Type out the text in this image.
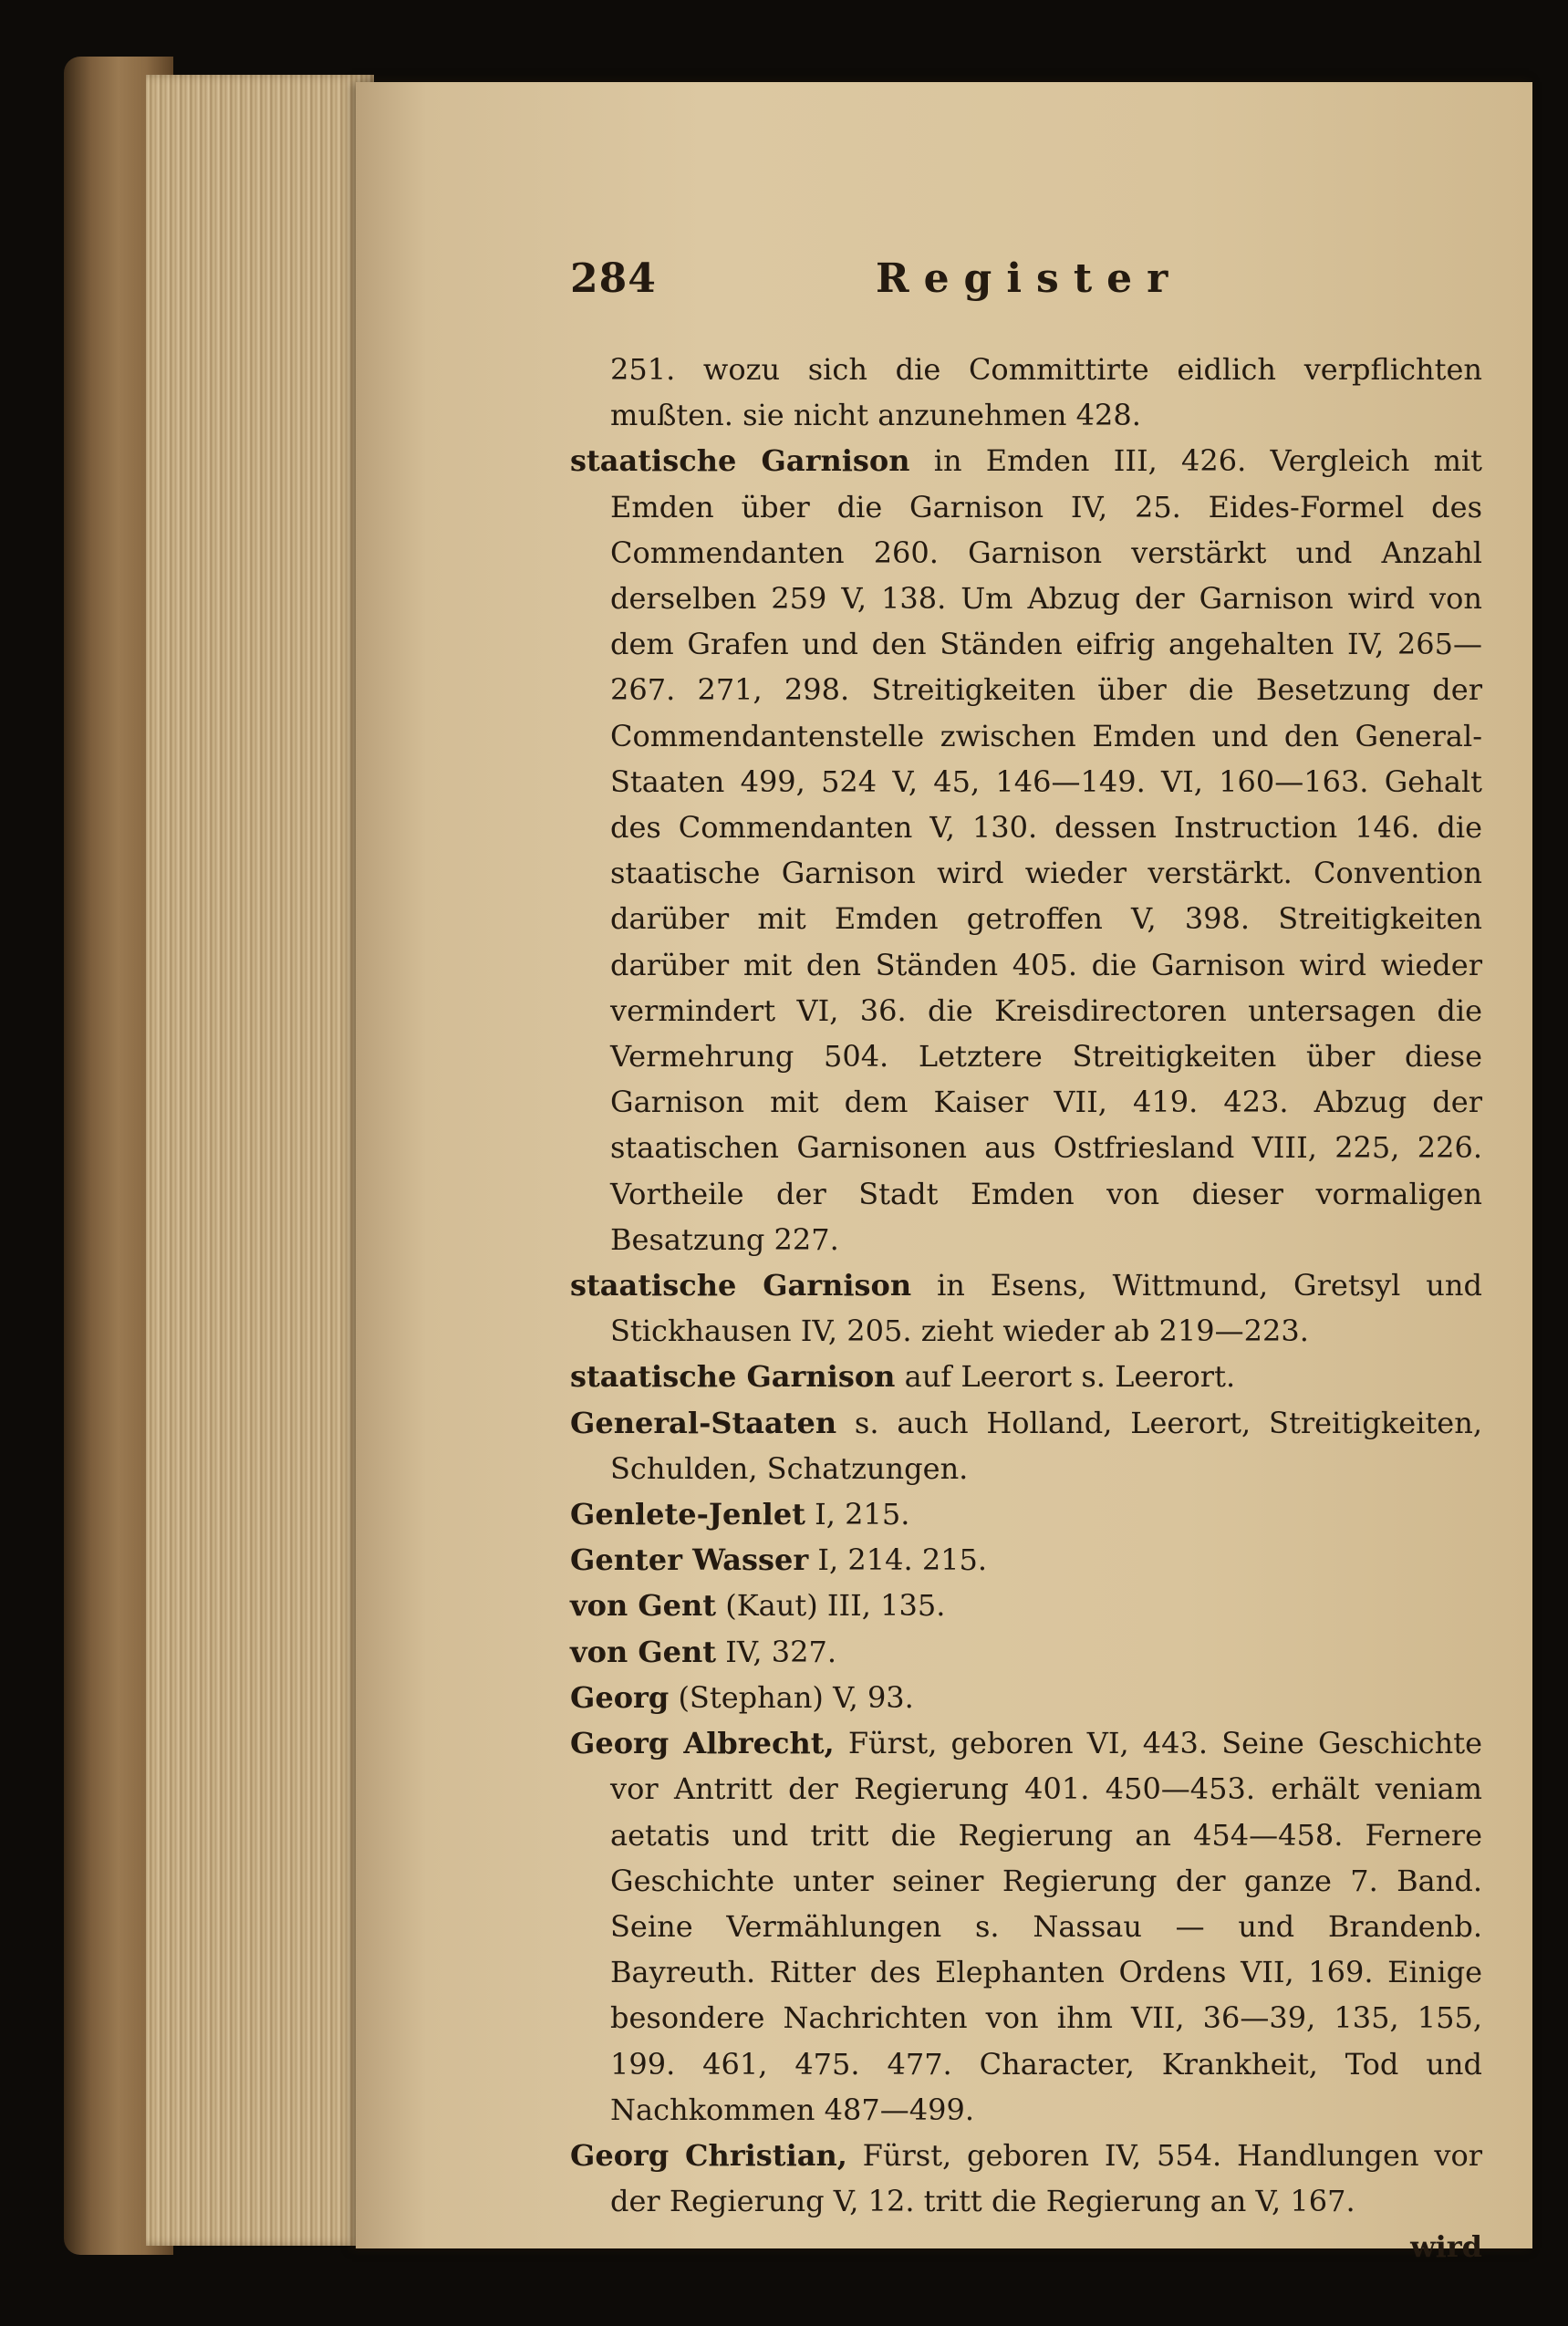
284	Register

251. wozu sich die Committirte eidlich verpflichten mußten. sie nicht anzunehmen 428.

staatische Garnison in Emden III, 426. Vergleich mit Emden über die Garnison IV, 25. Eides-Formel des Commendanten 260. Garnison verstärkt und Anzahl derselben 259 V, 138. Um Abzug der Garnison wird von dem Grafen und den Ständen eifrig angehalten IV, 265—267. 271, 298. Streitigkeiten über die Besetzung der Commendantenstelle zwischen Emden und den General-Staaten 499, 524 V, 45, 146—149. VI, 160—163. Gehalt des Commendanten V, 130. dessen Instruction 146. die staatische Garnison wird wieder verstärkt. Convention darüber mit Emden getroffen V, 398. Streitigkeiten darüber mit den Ständen 405. die Garnison wird wieder vermindert VI, 36. die Kreisdirectoren untersagen die Vermehrung 504. Letztere Streitigkeiten über diese Garnison mit dem Kaiser VII, 419. 423. Abzug der staatischen Garnisonen aus Ostfriesland VIII, 225, 226. Vortheile der Stadt Emden von dieser vormaligen Besatzung 227.

staatische Garnison in Esens, Wittmund, Gretsyl und Stickhausen IV, 205. zieht wieder ab 219—223.

staatische Garnison auf Leerort s. Leerort.

General-Staaten s. auch Holland, Leerort, Streitigkeiten, Schulden, Schatzungen.

Genlete-Jenlet I, 215.

Genter Wasser I, 214. 215.

von Gent (Kaut) III, 135.

von Gent IV, 327.

Georg (Stephan) V, 93.

Georg Albrecht, Fürst, geboren VI, 443. Seine Geschichte vor Antritt der Regierung 401. 450—453. erhält veniam aetatis und tritt die Regierung an 454—458. Fernere Geschichte unter seiner Regierung der ganze 7. Band. Seine Vermählungen s. Nassau — und Brandenb. Bayreuth. Ritter des Elephanten Ordens VII, 169. Einige besondere Nachrichten von ihm VII, 36—39, 135, 155, 199. 461, 475. 477. Character, Krankheit, Tod und Nachkommen 487—499.

Georg Christian, Fürst, geboren IV, 554. Handlungen vor der Regierung V, 12. tritt die Regierung an V, 167.

wird
